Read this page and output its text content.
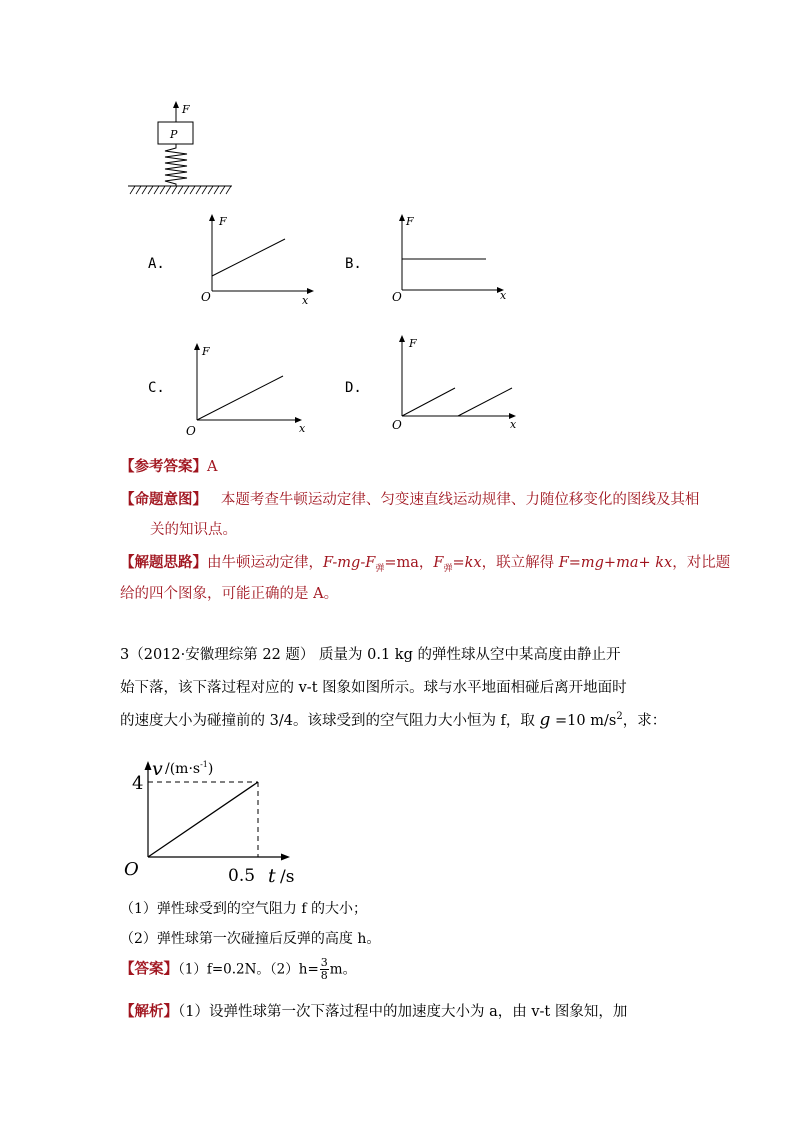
F
P
A.
F
x
O
B.
F
x
O
C.
F
x
O
D.
F
x
O
【参考答案】A
【命题意图】 本题考查牛顿运动定律、匀变速直线运动规律、力随位移变化的图线及其相
关的知识点。
【解题思路】由牛顿运动定律，$F-mg-F_弹=ma$，$F_弹=kx$，联立解得 F=mg+ma+ kx，对比题
给的四个图象，可能正确的是 A。
3（2012·安徽理综第 22 题） 质量为 0.1 kg 的弹性球从空中某高度由静止开
始下落，该下落过程对应的 v-t 图象如图所示。球与水平地面相碰后离开地面时
的速度大小为碰撞前的 3/4。该球受到的空气阻力大小恒为 f，取 g =10 $m/s^2$，求：
4
0.5
v $/(m\cdot s^{-1})$
O	t /s
（1）弹性球受到的空气阻力 f 的大小；
（2）弹性球第一次碰撞后反弹的高度 h。
【答案】（1）f=0.2N。$(2)h= \frac{3}{8}$ m。
【解析】（1）设弹性球第一次下落过程中的加速度大小为 a，由 v-t 图象知，加
